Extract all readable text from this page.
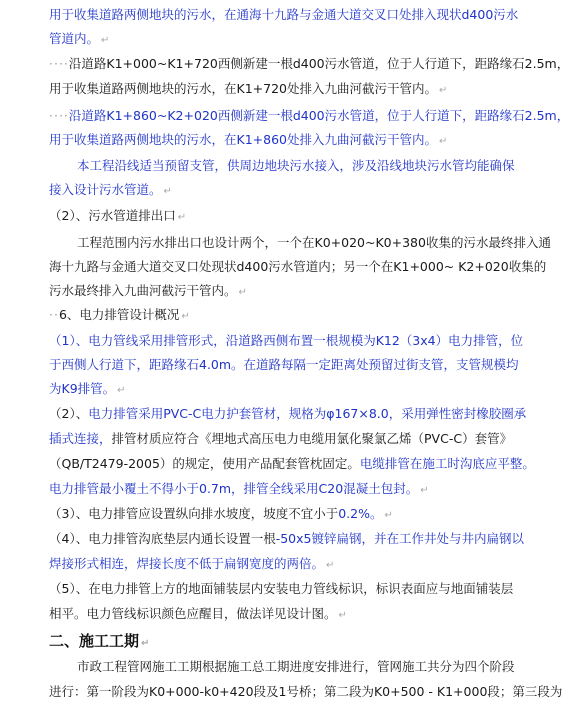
用于收集道路两侧地块的污水，在通海十九路与金通大道交叉口处排入现状d400污水
管道内。 ↵
····沿道路K1+000~K1+720西侧新建一根d400污水管道，位于人行道下，距路缘石2.5m，
用于收集道路两侧地块的污水，在K1+720处排入九曲河截污干管内。 ↵
····沿道路K1+860~K2+020西侧新建一根d400污水管道，位于人行道下，距路缘石2.5m，
用于收集道路两侧地块的污水，在K1+860处排入九曲河截污干管内。 ↵
本工程沿线适当预留支管，供周边地块污水接入，涉及沿线地块污水管均能确保
接入设计污水管道。 ↵
（2）、污水管道排出口 ↵
工程范围内污水排出口也设计两个，一个在K0+020~K0+380收集的污水最终排入通
海十九路与金通大道交叉口处现状d400污水管道内；另一个在K1+000~ K2+020收集的
污水最终排入九曲河截污干管内。 ↵
··6、电力排管设计概况 ↵
（1）、电力管线采用排管形式，沿道路西侧布置一根规模为K12（3x4）电力排管，位
于西侧人行道下，距路缘石4.0m。在道路每隔一定距离处预留过街支管，支管规模均
为K9排管。 ↵
（2）、电力排管采用PVC-C电力护套管材，规格为φ167×8.0，采用弹性密封橡胶圈承
插式连接，排管材质应符合《埋地式高压电力电缆用氯化聚氯乙烯（PVC-C）套管》
（QB/T2479-2005）的规定，使用产品配套管枕固定。电缆排管在施工时沟底应平整。
电力排管最小覆土不得小于0.7m，排管全线采用C20混凝土包封。 ↵
（3）、电力排管应设置纵向排水坡度，坡度不宜小于0.2%。 ↵
（4）、电力排管沟底垫层内通长设置一根-50x5镀锌扁钢，并在工作井处与井内扁钢以
焊接形式相连，焊接长度不低于扁钢宽度的两倍。 ↵
（5）、在电力排管上方的地面铺装层内安装电力管线标识，标识表面应与地面铺装层
相平。电力管线标识颜色应醒目，做法详见设计图。 ↵
二、施工工期 ↵
市政工程管网施工工期根据施工总工期进度安排进行，管网施工共分为四个阶段
进行：第一阶段为K0+000-k0+420段及1号桥；第二段为K0+500 - K1+000段；第三段为
